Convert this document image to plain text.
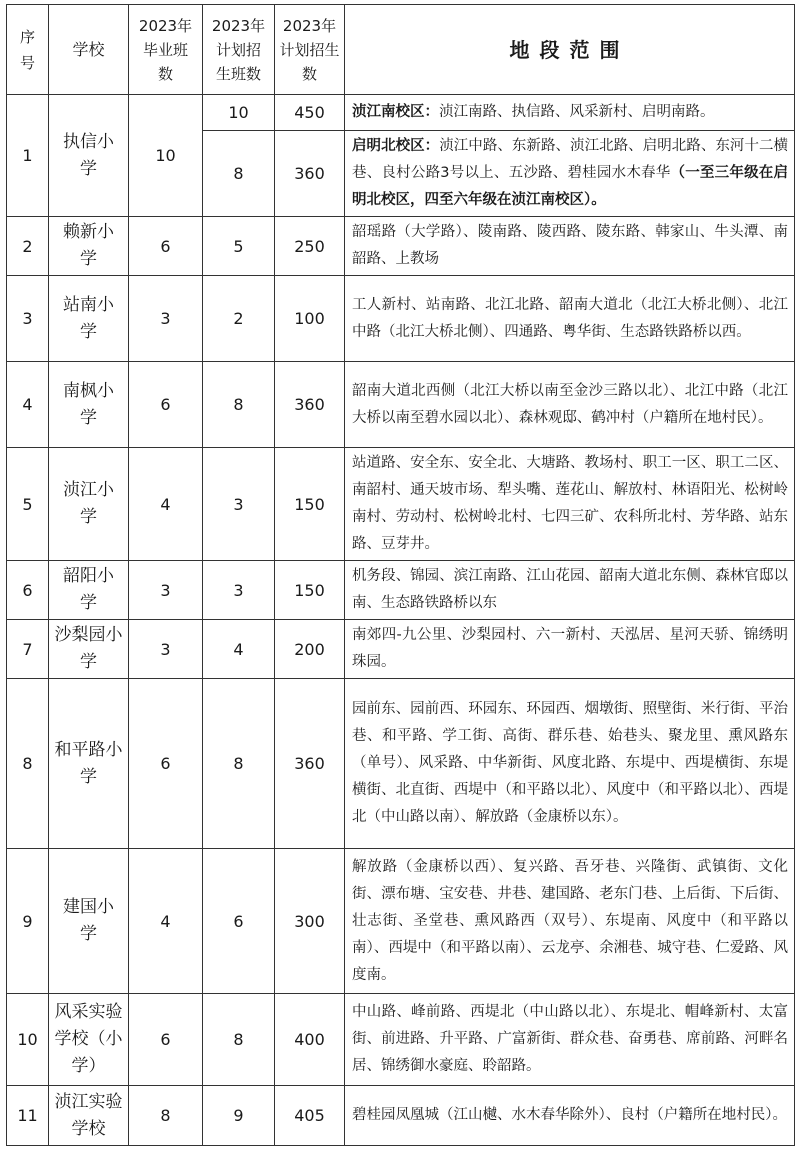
序号	学校	2023年毕业班数	2023年计划招生班数	2023年计划招生数	地段范围
1	执信小学	10	10	450	浈江南校区：浈江南路、执信路、风采新村、启明南路。
			8	360	启明北校区：浈江中路、东新路、浈江北路、启明北路、东河十二横巷、良村公路3号以上、五沙路、碧桂园水木春华（一至三年级在启明北校区，四至六年级在浈江南校区）。
2	赖新小学	6	5	250	韶瑶路（大学路）、陵南路、陵西路、陵东路、韩家山、牛头潭、南韶路、上教场
3	站南小学	3	2	100	工人新村、站南路、北江北路、韶南大道北（北江大桥北侧）、北江中路（北江大桥北侧）、四通路、粤华街、生态路铁路桥以西。
4	南枫小学	6	8	360	韶南大道北西侧（北江大桥以南至金沙三路以北）、北江中路（北江大桥以南至碧水园以北）、森林观邸、鹤冲村（户籍所在地村民）。
5	浈江小学	4	3	150	站道路、安全东、安全北、大塘路、教场村、职工一区、职工二区、南韶村、通天坡市场、犁头嘴、莲花山、解放村、林语阳光、松树岭南村、劳动村、松树岭北村、七四三矿、农科所北村、芳华路、站东路、豆芽井。
6	韶阳小学	3	3	150	机务段、锦园、滨江南路、江山花园、韶南大道北东侧、森林官邸以南、生态路铁路桥以东
7	沙梨园小学	3	4	200	南郊四-九公里、沙梨园村、六一新村、天泓居、星河天骄、锦绣明珠园。
8	和平路小学	6	8	360	园前东、园前西、环园东、环园西、烟墩街、照壁街、米行街、平治巷、和平路、学工街、高街、群乐巷、始巷头、聚龙里、熏风路东（单号）、风采路、中华新街、风度北路、东堤中、西堤横街、东堤横街、北直街、西堤中（和平路以北）、风度中（和平路以北）、西堤北（中山路以南）、解放路（金康桥以东）。
9	建国小学	4	6	300	解放路（金康桥以西）、复兴路、吾牙巷、兴隆街、武镇街、文化街、漂布塘、宝安巷、井巷、建国路、老东门巷、上后街、下后街、壮志街、圣堂巷、熏风路西（双号）、东堤南、风度中（和平路以南）、西堤中（和平路以南）、云龙亭、余湘巷、城守巷、仁爱路、风度南。
10	风采实验学校（小学）	6	8	400	中山路、峰前路、西堤北（中山路以北）、东堤北、帽峰新村、太富街、前进路、升平路、广富新街、群众巷、奋勇巷、席前路、河畔名居、锦绣御水豪庭、聆韶路。
11	浈江实验学校	8	9	405	碧桂园凤凰城（江山樾、水木春华除外）、良村（户籍所在地村民）。
